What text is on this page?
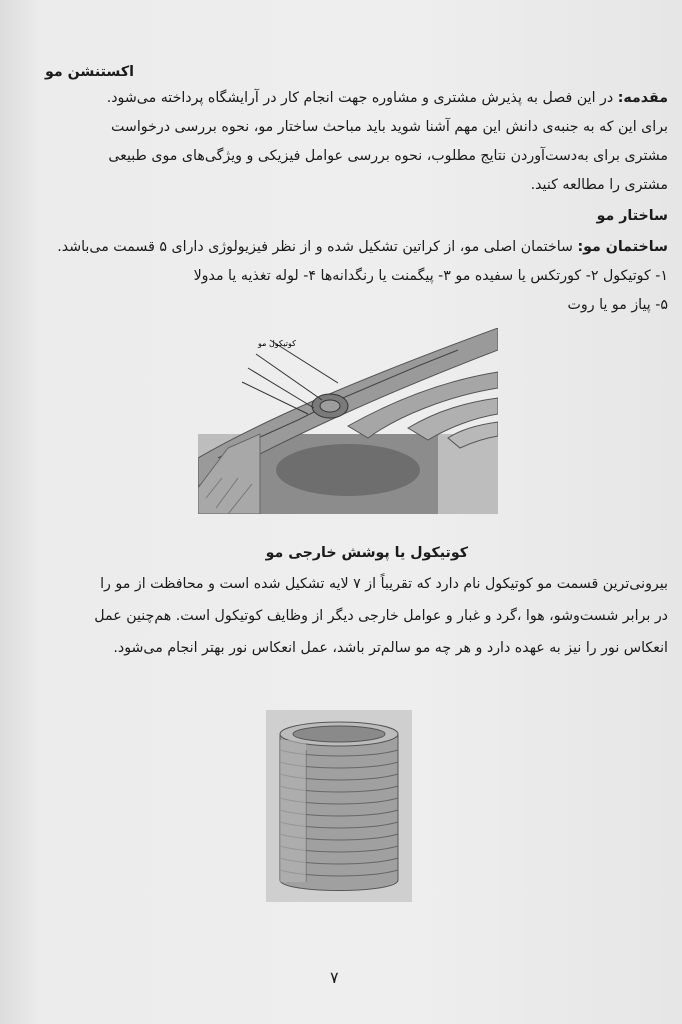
اکستنشن مو
مقدمه: در این فصل به پذیرش مشتری و مشاوره جهت انجام کار در آرایشگاه پرداخته می‌شود.
برای این که به جنبه‌ی دانش این مهم آشنا شوید باید مباحث ساختار مو، نحوه بررسی درخواست
مشتری برای به‌دست‌آوردن نتایج مطلوب، نحوه بررسی عوامل فیزیکی و ویژگی‌های موی طبیعی
مشتری را مطالعه کنید.
ساختار مو
ساختمان مو: ساختمان اصلی مو، از کراتین تشکیل شده و از نظر فیزیولوژی دارای ۵ قسمت می‌باشد.
۱- کوتیکول ۲- کورتکس یا سفیده مو ۳- پیگمنت یا رنگدانه‌ها ۴- لوله تغذیه یا مدولا
۵- پیاز مو یا روت
کوتیکول مو
کوتیکول یا پوشش خارجی مو
بیرونی‌ترین قسمت مو کوتیکول نام دارد که تقریباً از ۷ لایه تشکیل شده است و محافظت از مو را
در برابر شست‌وشو، هوا ،گرد و غبار و عوامل خارجی دیگر از وظایف کوتیکول است. هم‌چنین عمل
انعکاس نور را نیز به عهده دارد و هر چه مو سالم‌تر باشد، عمل انعکاس نور بهتر انجام می‌شود.
۷
